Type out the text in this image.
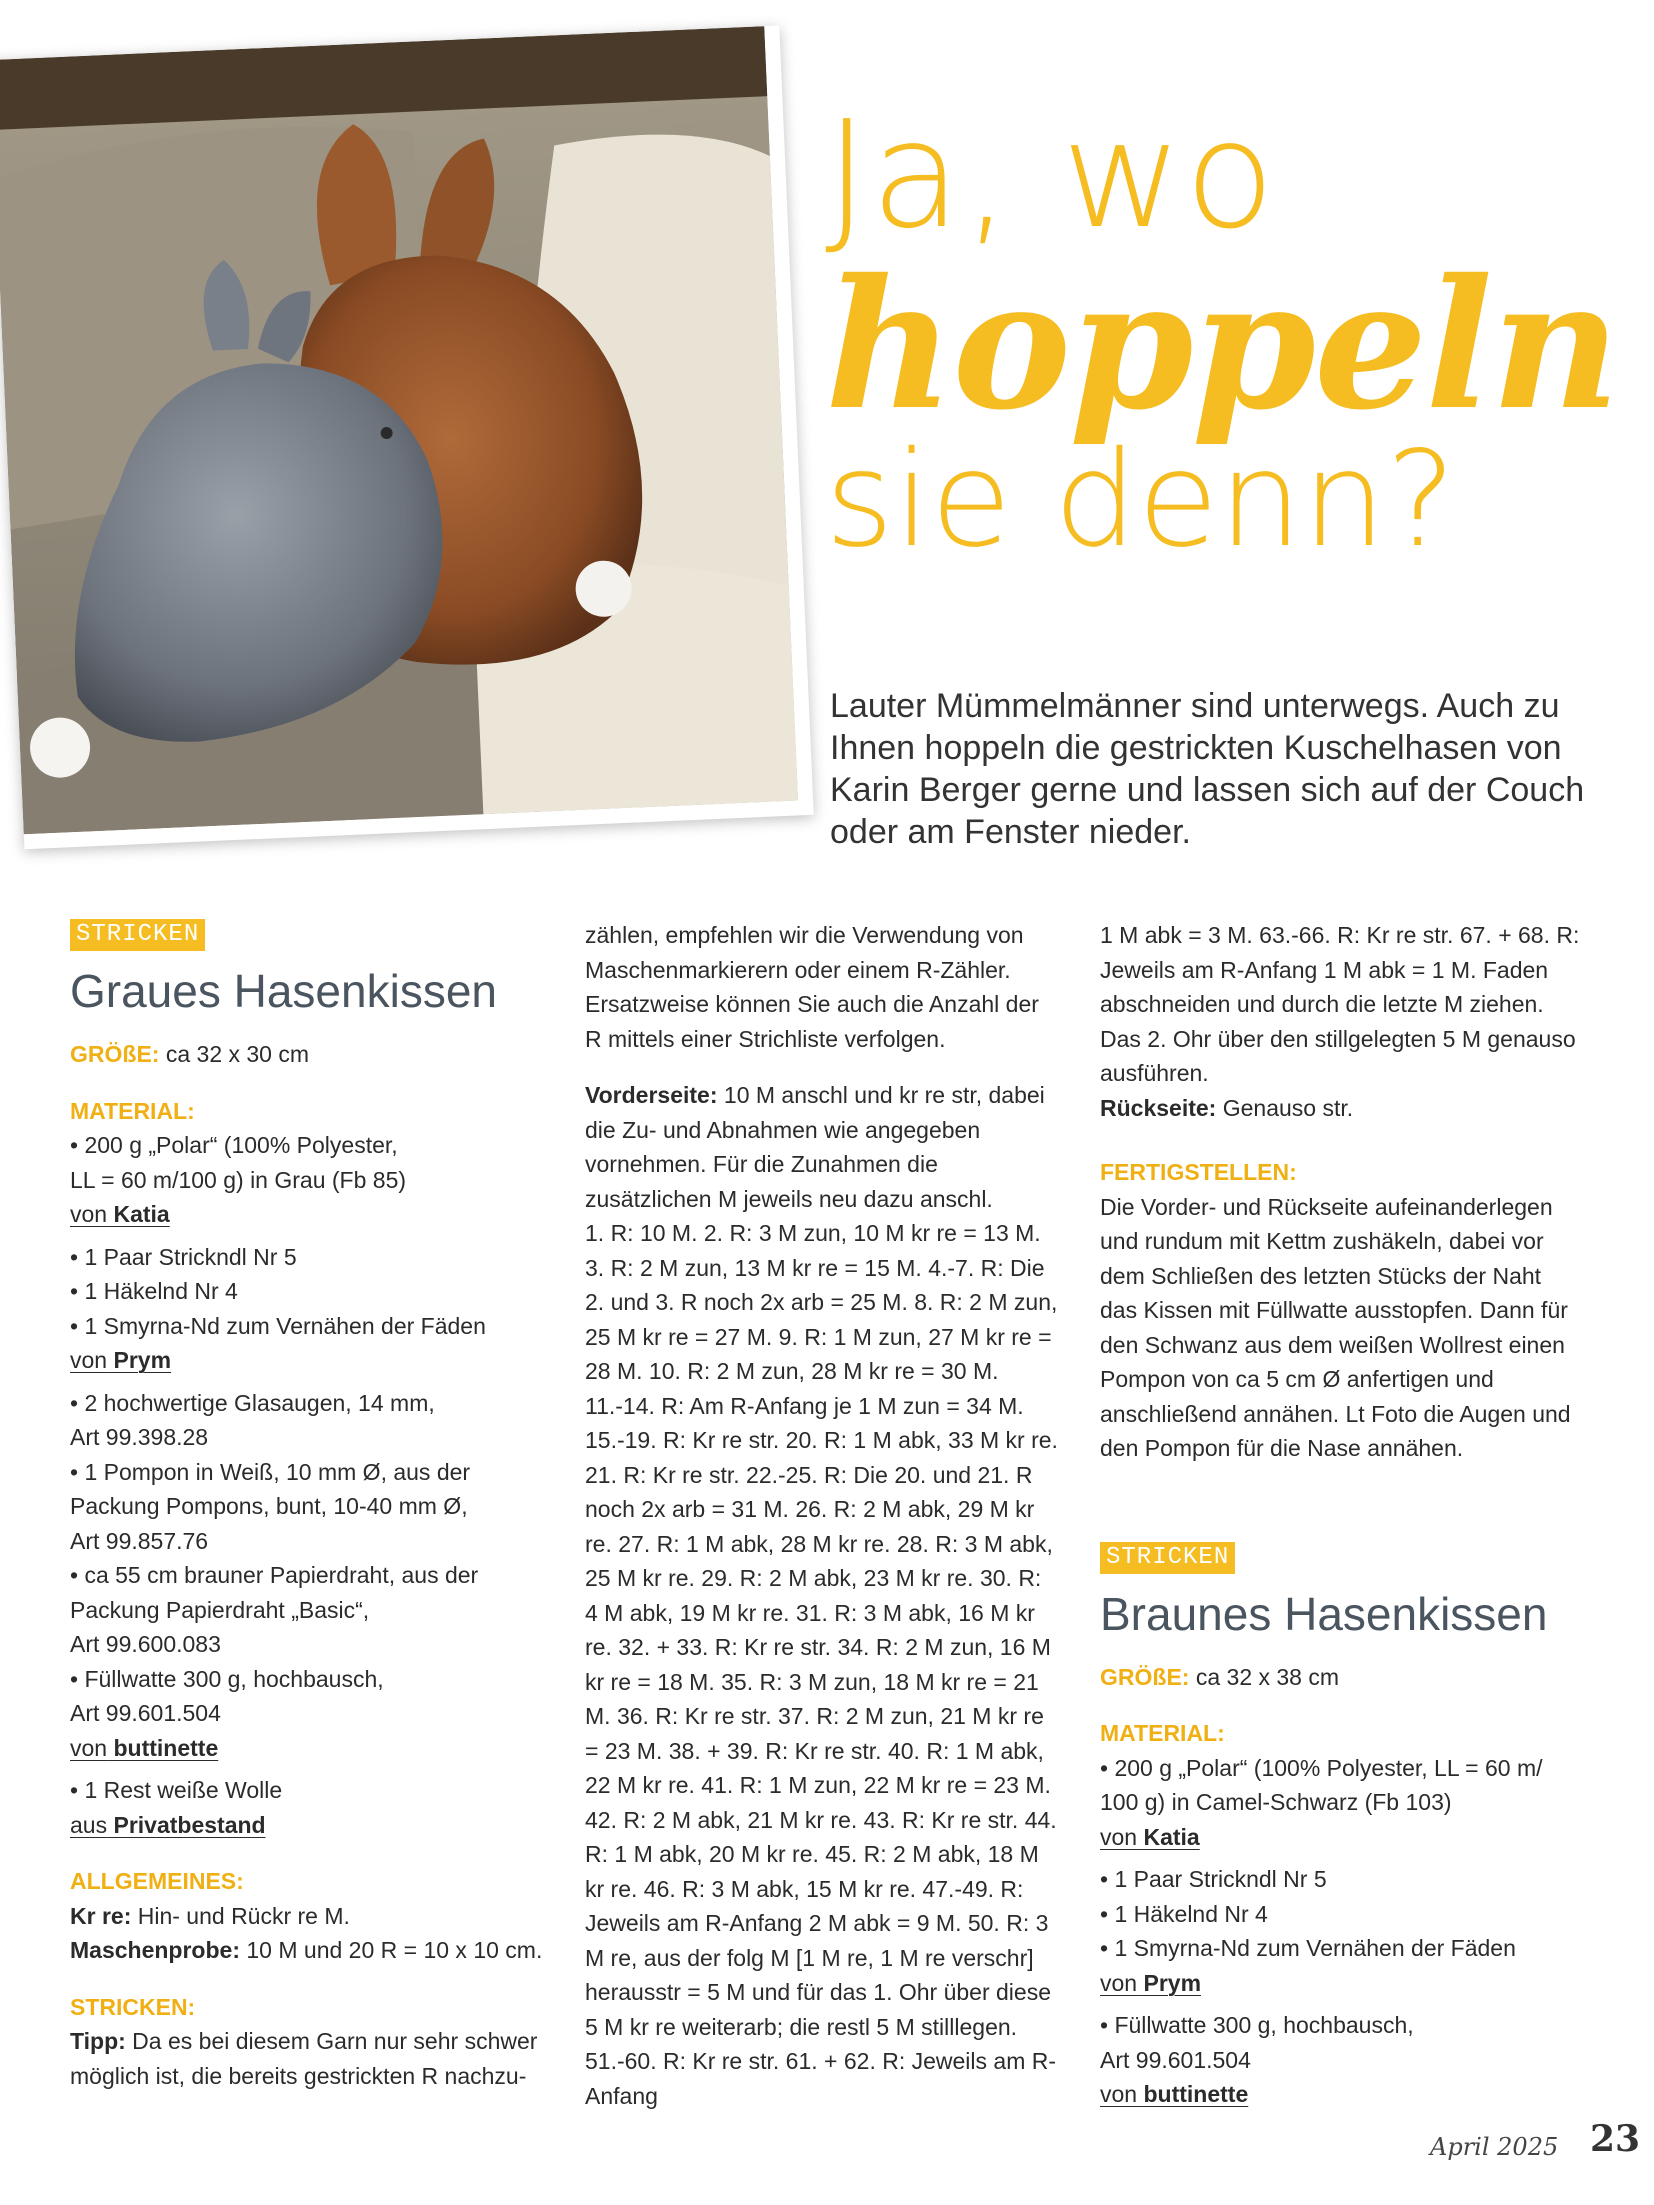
Ja, wo
hoppeln
sie denn?
Lauter Mümmelmänner sind unterwegs. Auch zu Ihnen hoppeln die gestrickten Kuschelhasen von Karin Berger gerne und lassen sich auf der Couch oder am Fenster nieder.
STRICKEN
Graues Hasenkissen

GRÖßE: ca 32 x 30 cm

MATERIAL:

• 200 g „Polar“ (100% Polyester,

LL = 60 m/100 g) in Grau (Fb 85)

von Katia

• 1 Paar Strickndl Nr 5

• 1 Häkelnd Nr 4

• 1 Smyrna-Nd zum Vernähen der Fäden

von Prym

• 2 hochwertige Glasaugen, 14 mm,

Art 99.398.28

• 1 Pompon in Weiß, 10 mm Ø, aus der

Packung Pompons, bunt, 10-40 mm Ø,

Art 99.857.76

• ca 55 cm brauner Papierdraht, aus der

Packung Papierdraht „Basic“,

Art 99.600.083

• Füllwatte 300 g, hochbausch,

Art 99.601.504

von buttinette

• 1 Rest weiße Wolle

aus Privatbestand

ALLGEMEINES:

Kr re: Hin- und Rückr re M.

Maschenprobe: 10 M und 20 R = 10 x 10 cm.

STRICKEN:

Tipp: Da es bei diesem Garn nur sehr schwer möglich ist, die bereits gestrickten R nachzu-

zählen, empfehlen wir die Verwendung von Maschenmarkierern oder einem R-Zähler. Ersatzweise können Sie auch die Anzahl der R mittels einer Strichliste verfolgen.

Vorderseite: 10 M anschl und kr re str, dabei die Zu- und Abnahmen wie angegeben vornehmen. Für die Zunahmen die zusätzlichen M jeweils neu dazu anschl.

1. R: 10 M. 2. R: 3 M zun, 10 M kr re = 13 M. 3. R: 2 M zun, 13 M kr re = 15 M. 4.-7. R: Die 2. und 3. R noch 2x arb = 25 M. 8. R: 2 M zun, 25 M kr re = 27 M. 9. R: 1 M zun, 27 M kr re = 28 M. 10. R: 2 M zun, 28 M kr re = 30 M. 11.-14. R: Am R-Anfang je 1 M zun = 34 M. 15.-19. R: Kr re str. 20. R: 1 M abk, 33 M kr re. 21. R: Kr re str. 22.-25. R: Die 20. und 21. R noch 2x arb = 31 M. 26. R: 2 M abk, 29 M kr re. 27. R: 1 M abk, 28 M kr re. 28. R: 3 M abk, 25 M kr re. 29. R: 2 M abk, 23 M kr re. 30. R: 4 M abk, 19 M kr re. 31. R: 3 M abk, 16 M kr re. 32. + 33. R: Kr re str. 34. R: 2 M zun, 16 M kr re = 18 M. 35. R: 3 M zun, 18 M kr re = 21 M. 36. R: Kr re str. 37. R: 2 M zun, 21 M kr re = 23 M. 38. + 39. R: Kr re str. 40. R: 1 M abk, 22 M kr re. 41. R: 1 M zun, 22 M kr re = 23 M. 42. R: 2 M abk, 21 M kr re. 43. R: Kr re str. 44. R: 1 M abk, 20 M kr re. 45. R: 2 M abk, 18 M kr re. 46. R: 3 M abk, 15 M kr re. 47.-49. R: Jeweils am R-Anfang 2 M abk = 9 M. 50. R: 3 M re, aus der folg M [1 M re, 1 M re verschr] herausstr = 5 M und für das 1. Ohr über diese 5 M kr re weiterarb; die restl 5 M stilllegen. 51.-60. R: Kr re str. 61. + 62. R: Jeweils am R-Anfang

1 M abk = 3 M. 63.-66. R: Kr re str. 67. + 68. R: Jeweils am R-Anfang 1 M abk = 1 M. Faden abschneiden und durch die letzte M ziehen. Das 2. Ohr über den stillgelegten 5 M genauso ausführen.

Rückseite: Genauso str.

FERTIGSTELLEN:

Die Vorder- und Rückseite aufeinanderlegen und rundum mit Kettm zushäkeln, dabei vor dem Schließen des letzten Stücks der Naht das Kissen mit Füllwatte ausstopfen. Dann für den Schwanz aus dem weißen Wollrest einen Pompon von ca 5 cm Ø anfertigen und anschließend annähen. Lt Foto die Augen und den Pompon für die Nase annähen.

STRICKEN
Braunes Hasenkissen

GRÖßE: ca 32 x 38 cm

MATERIAL:

• 200 g „Polar“ (100% Polyester, LL = 60 m/

100 g) in Camel-Schwarz (Fb 103)

von Katia

• 1 Paar Strickndl Nr 5

• 1 Häkelnd Nr 4

• 1 Smyrna-Nd zum Vernähen der Fäden

von Prym

• Füllwatte 300 g, hochbausch,

Art 99.601.504

von buttinette

April 2025 23
